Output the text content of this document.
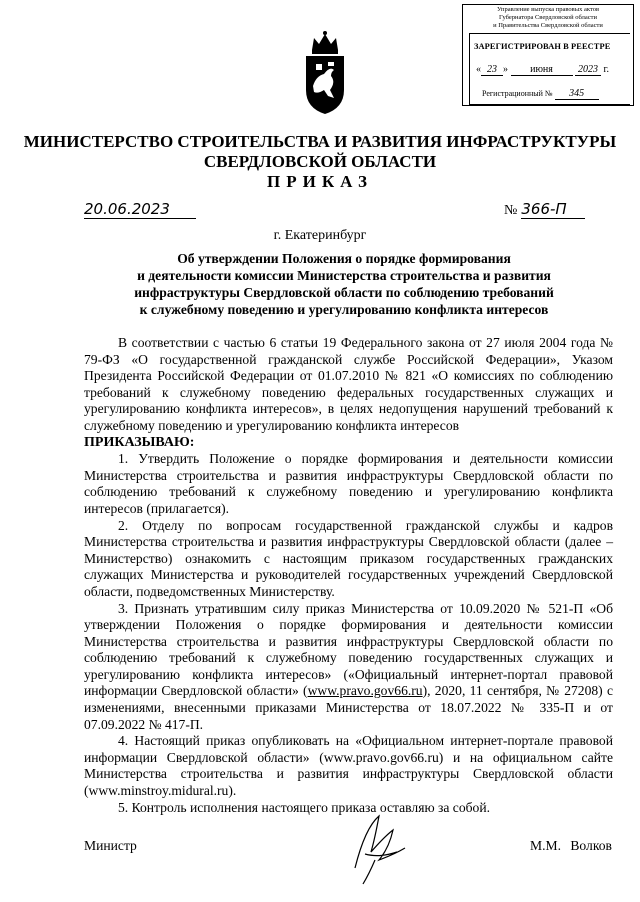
Управление выпуска правовых актов
Губернатора Свердловской области
и Правительства Свердловской области
ЗАРЕГИСТРИРОВАН В РЕЕСТРЕ
« 23 » июня	2023 г.
Регистрационный № 345
МИНИСТЕРСТВО СТРОИТЕЛЬСТВА И РАЗВИТИЯ ИНФРАСТРУКТУРЫ
СВЕРДЛОВСКОЙ ОБЛАСТИ
ПРИКАЗ
20.06.2023	№ 366-П
г. Екатеринбург
Об утверждении Положения о порядке формирования
и деятельности комиссии Министерства строительства и развития
инфраструктуры Свердловской области по соблюдению требований
к служебному поведению и урегулированию конфликта интересов

В соответствии с частью 6 статьи 19 Федерального закона от 27 июля 2004 года № 79-ФЗ «О государственной гражданской службе Российской Федерации», Указом Президента Российской Федерации от 01.07.2010 № 821 «О комиссиях по соблюдению требований к служебному поведению федеральных государственных служащих и урегулированию конфликта интересов», в целях недопущения нарушений требований к служебному поведению и урегулированию конфликта интересов

ПРИКАЗЫВАЮ:

1. Утвердить Положение о порядке формирования и деятельности комиссии Министерства строительства и развития инфраструктуры Свердловской области по соблюдению требований к служебному поведению и урегулированию конфликта интересов (прилагается).

2. Отделу по вопросам государственной гражданской службы и кадров Министерства строительства и развития инфраструктуры Свердловской области (далее – Министерство) ознакомить с настоящим приказом государственных гражданских служащих Министерства и руководителей государственных учреждений Свердловской области, подведомственных Министерству.

3. Признать утратившим силу приказ Министерства от 10.09.2020 № 521-П «Об утверждении Положения о порядке формирования и деятельности комиссии Министерства строительства и развития инфраструктуры Свердловской области по соблюдению требований к служебному поведению государственных служащих и урегулированию конфликта интересов» («Официальный интернет-портал правовой информации Свердловской области» (www.pravo.gov66.ru), 2020, 11 сентября, № 27208) с изменениями, внесенными приказами Министерства от 18.07.2022 № 335-П и от 07.09.2022 № 417-П.

4. Настоящий приказ опубликовать на «Официальном интернет-портале правовой информации Свердловской области» (www.pravo.gov66.ru) и на официальном сайте Министерства строительства и развития инфраструктуры Свердловской области (www.minstroy.midural.ru).

5. Контроль исполнения настоящего приказа оставляю за собой.

Министр	М.М. Волков
